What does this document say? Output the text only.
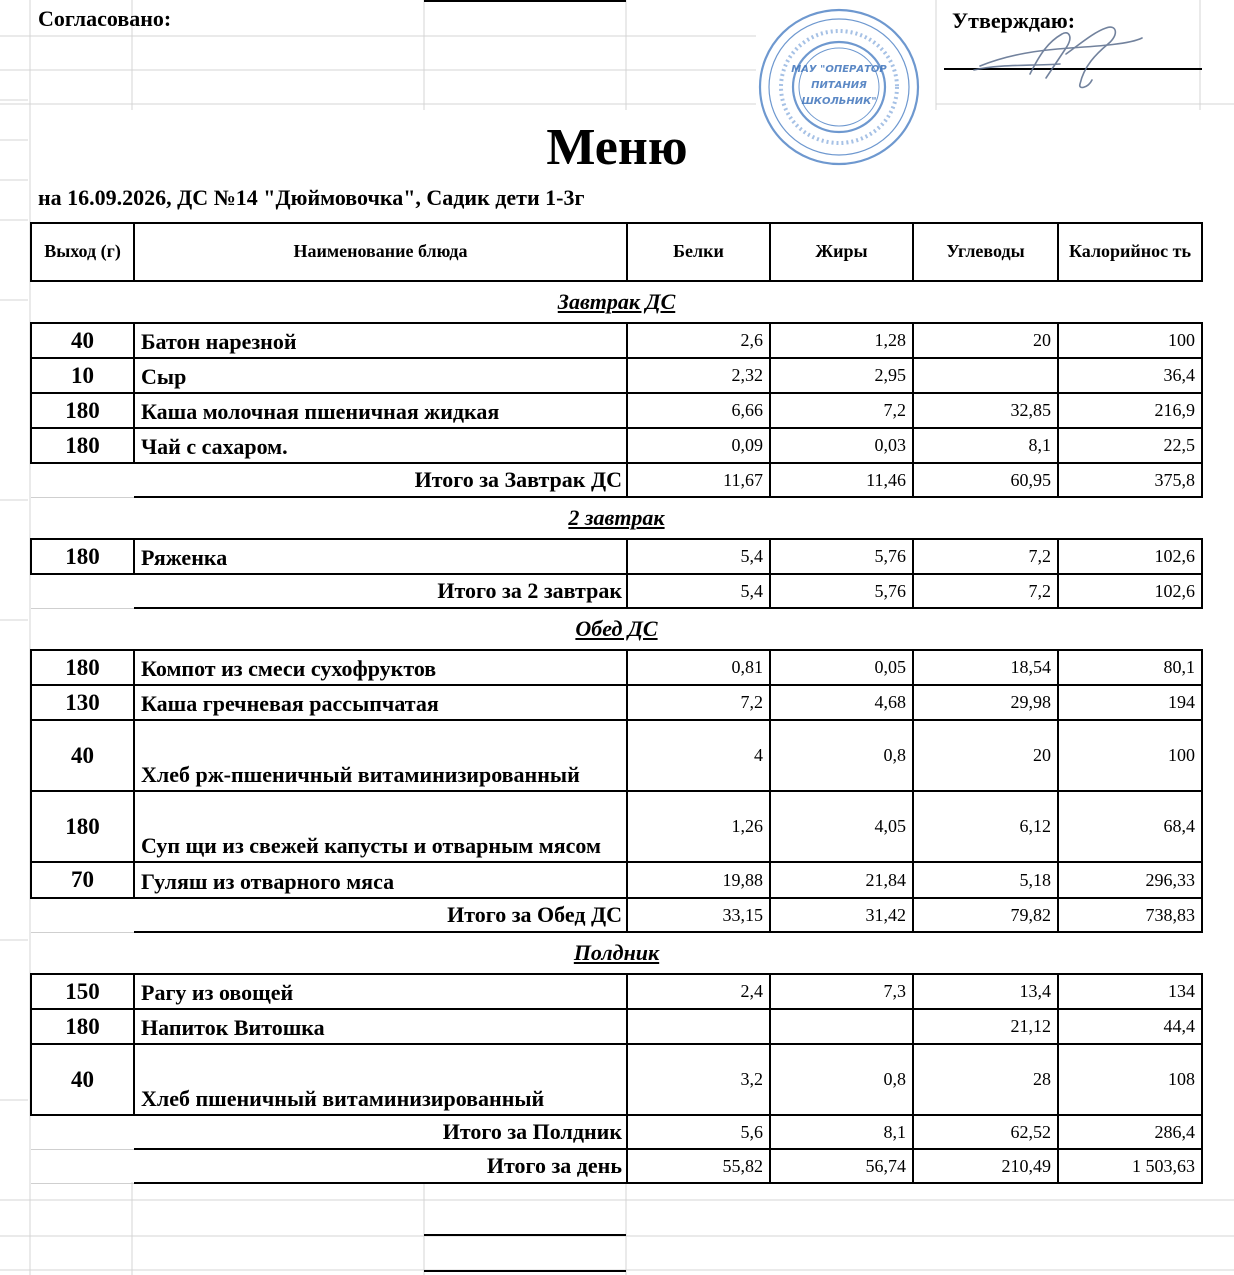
Согласовано:	Утверждаю:
МАУ "ОПЕРАТОР
ПИТАНИЯ
ШКОЛЬНИК"
Меню
на 16.09.2026, ДС №14 "Дюймовочка", Садик дети 1-3г
Выход (г)	Наименование блюда	Белки	Жиры	Углеводы	Калорийнос ть
Завтрак ДС					
40	Батон нарезной	2,6	1,28	20	100
10	Сыр	2,32	2,95		36,4
180	Каша молочная пшеничная жидкая	6,66	7,2	32,85	216,9
180	Чай с сахаром.	0,09	0,03	8,1	22,5
	Итого за Завтрак ДС	11,67	11,46	60,95	375,8
2 завтрак					
180	Ряженка	5,4	5,76	7,2	102,6
	Итого за 2 завтрак	5,4	5,76	7,2	102,6
Обед ДС					
180	Компот из смеси сухофруктов	0,81	0,05	18,54	80,1
130	Каша гречневая рассыпчатая	7,2	4,68	29,98	194
40	Хлеб рж-пшеничный витаминизированный	4	0,8	20	100
180	Суп щи из свежей капусты и отварным мясом	1,26	4,05	6,12	68,4
70	Гуляш из отварного мяса	19,88	21,84	5,18	296,33
	Итого за Обед ДС	33,15	31,42	79,82	738,83
Полдник					
150	Рагу из овощей	2,4	7,3	13,4	134
180	Напиток Витошка			21,12	44,4
40	Хлеб пшеничный витаминизированный	3,2	0,8	28	108
	Итого за Полдник	5,6	8,1	62,52	286,4
	Итого за день	55,82	56,74	210,49	1 503,63
